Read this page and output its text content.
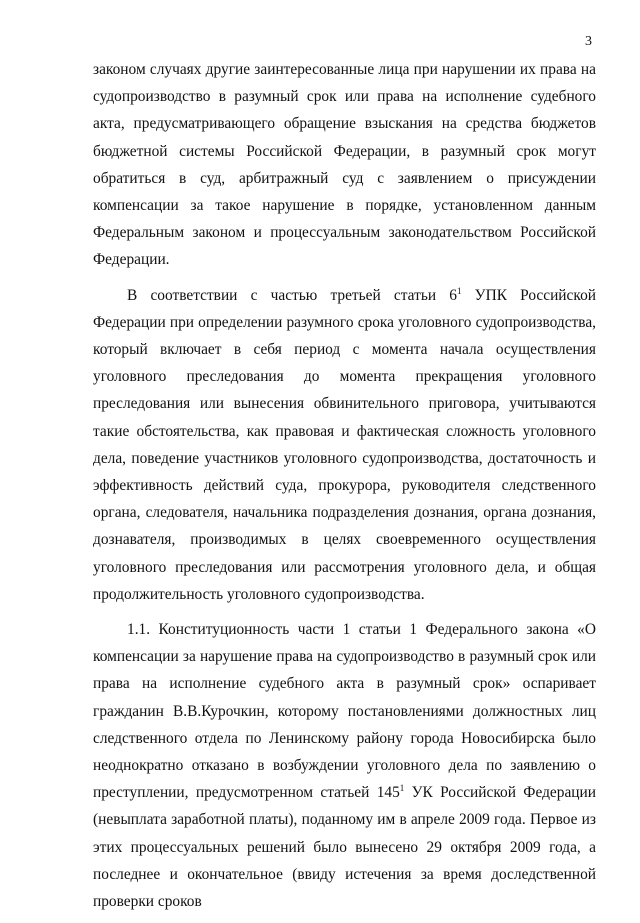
3

законом случаях другие заинтересованные лица при нарушении их права на судопроизводство в разумный срок или права на исполнение судебного акта, предусматривающего обращение взыскания на средства бюджетов бюджетной системы Российской Федерации, в разумный срок могут обратиться в суд, арбитражный суд с заявлением о присуждении компенсации за такое нарушение в порядке, установленном данным Федеральным законом и процессуальным законодательством Российской Федерации.

В соответствии с частью третьей статьи $6^1$ УПК Российской Федерации при определении разумного срока уголовного судопроизводства, который включает в себя период с момента начала осуществления уголовного преследования до момента прекращения уголовного преследования или вынесения обвинительного приговора, учитываются такие обстоятельства, как правовая и фактическая сложность уголовного дела, поведение участников уголовного судопроизводства, достаточность и эффективность действий суда, прокурора, руководителя следственного органа, следователя, начальника подразделения дознания, органа дознания, дознавателя, производимых в целях своевременного осуществления уголовного преследования или рассмотрения уголовного дела, и общая продолжительность уголовного судопроизводства.

1.1. Конституционность части 1 статьи 1 Федерального закона «О компенсации за нарушение права на судопроизводство в разумный срок или права на исполнение судебного акта в разумный срок» оспаривает гражданин В.В.Курочкин, которому постановлениями должностных лиц следственного отдела по Ленинскому району города Новосибирска было неоднократно отказано в возбуждении уголовного дела по заявлению о преступлении, предусмотренном статьей $145^1$ УК Российской Федерации (невыплата заработной платы), поданному им в апреле 2009 года. Первое из этих процессуальных решений было вынесено 29 октября 2009 года, а последнее и окончательное (ввиду истечения за время доследственной проверки сроков
